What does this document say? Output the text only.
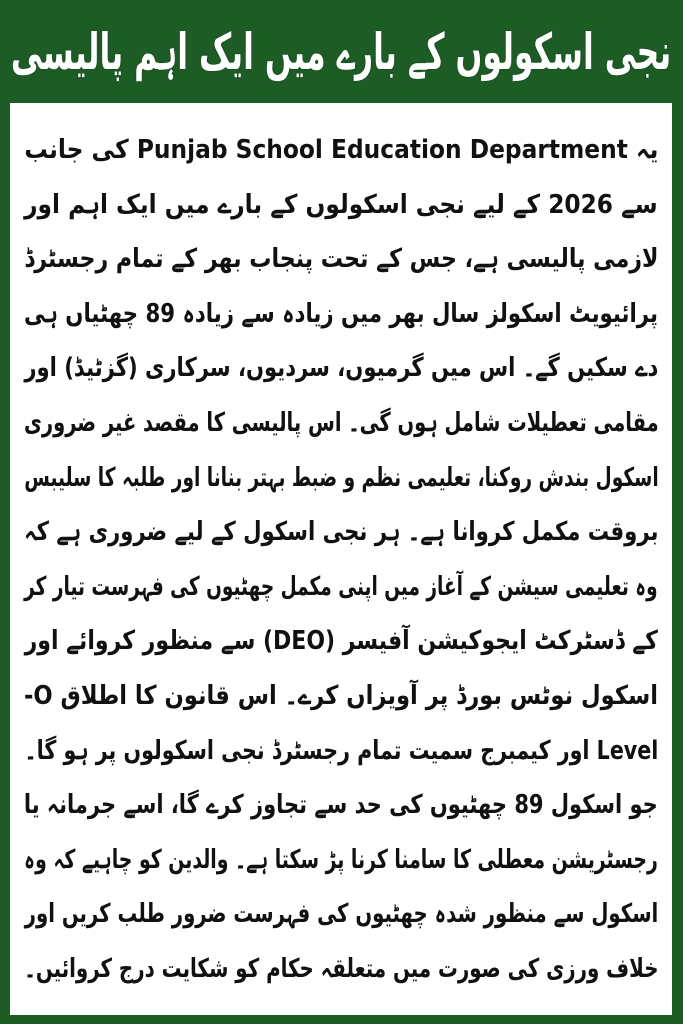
نجی اسکولوں کے بارے میں ایک اہم پالیسی

یہ Punjab School Education Department کی جانب
سے 2026 کے لیے نجی اسکولوں کے بارے میں ایک اہم اور
لازمی پالیسی ہے، جس کے تحت پنجاب بھر کے تمام رجسٹرڈ
پرائیویٹ اسکولز سال بھر میں زیادہ سے زیادہ 89 چھٹیاں ہی
دے سکیں گے۔ اس میں گرمیوں، سردیوں، سرکاری (گزٹیڈ) اور
مقامی تعطیلات شامل ہوں گی۔ اس پالیسی کا مقصد غیر ضروری
اسکول بندش روکنا، تعلیمی نظم و ضبط بہتر بنانا اور طلبہ کا سلیبس
بروقت مکمل کروانا ہے۔ ہر نجی اسکول کے لیے ضروری ہے کہ
وہ تعلیمی سیشن کے آغاز میں اپنی مکمل چھٹیوں کی فہرست تیار کر
کے ڈسٹرکٹ ایجوکیشن آفیسر (DEO) سے منظور کروائے اور
اسکول نوٹس بورڈ پر آویزاں کرے۔ اس قانون کا اطلاق O-
Level اور کیمبرج سمیت تمام رجسٹرڈ نجی اسکولوں پر ہو گا۔
جو اسکول 89 چھٹیوں کی حد سے تجاوز کرے گا، اسے جرمانہ یا
رجسٹریشن معطلی کا سامنا کرنا پڑ سکتا ہے۔ والدین کو چاہیے کہ وہ
اسکول سے منظور شدہ چھٹیوں کی فہرست ضرور طلب کریں اور
خلاف ورزی کی صورت میں متعلقہ حکام کو شکایت درج کروائیں۔
